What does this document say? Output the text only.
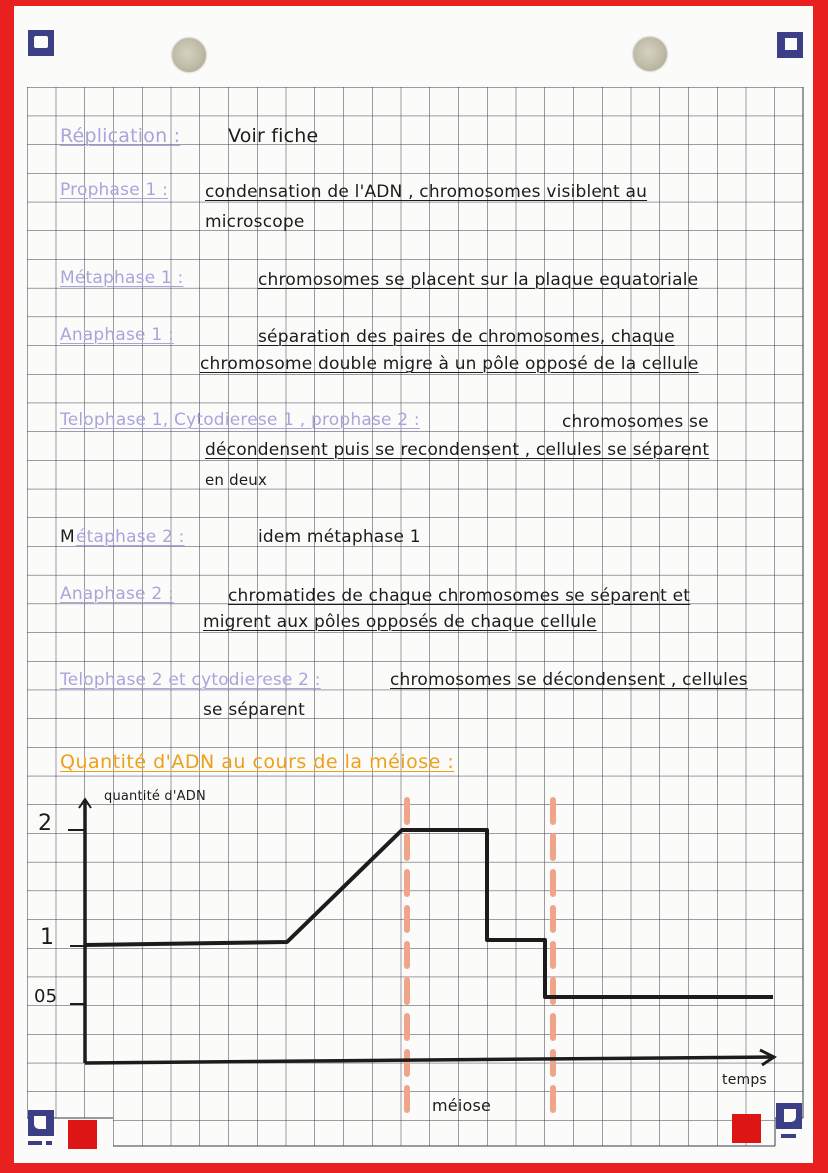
Réplication :	Voir fiche
Prophase 1 : condensation de l'ADN , chromosomes visiblent au
microscope
Métaphase 1 :	chromosomes se placent sur la plaque equatoriale
Anaphase 1 :	séparation des paires de chromosomes, chaque
chromosome double migre à un pôle opposé de la cellule
Telophase 1, Cytodierese 1 , prophase 2 :	chromosomes se
décondensent puis se recondensent , cellules se séparent
en deux
M étaphase 2 :	idem métaphase 1
Anaphase 2 :	chromatides de chaque chromosomes se séparent et
migrent aux pôles opposés de chaque cellule
Telophase 2 et cytodierese 2 :	chromosomes se décondensent , cellules
se séparent
Quantité d'ADN au cours de la méiose :
quantité d'ADN
2
1
05
temps
méiose
